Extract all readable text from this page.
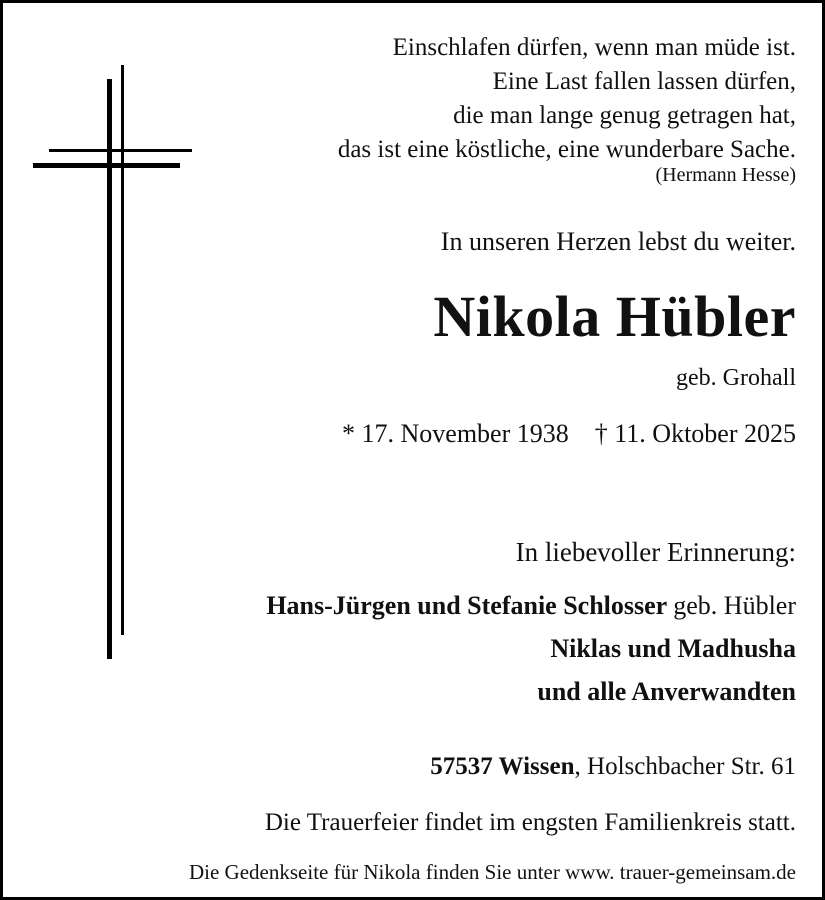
Einschlafen dürfen, wenn man müde ist.
Eine Last fallen lassen dürfen,
die man lange genug getragen hat,
das ist eine köstliche, eine wunderbare Sache.
(Hermann Hesse)
In unseren Herzen lebst du weiter.
Nikola Hübler
geb. Grohall
* 17. November 1938 † 11. Oktober 2025
In liebevoller Erinnerung:
Hans-Jürgen und Stefanie Schlosser geb. Hübler
Niklas und Madhusha
und alle Anverwandten
57537 Wissen, Holschbacher Str. 61
Die Trauerfeier findet im engsten Familienkreis statt.
Die Gedenkseite für Nikola finden Sie unter www. trauer-gemeinsam.de
